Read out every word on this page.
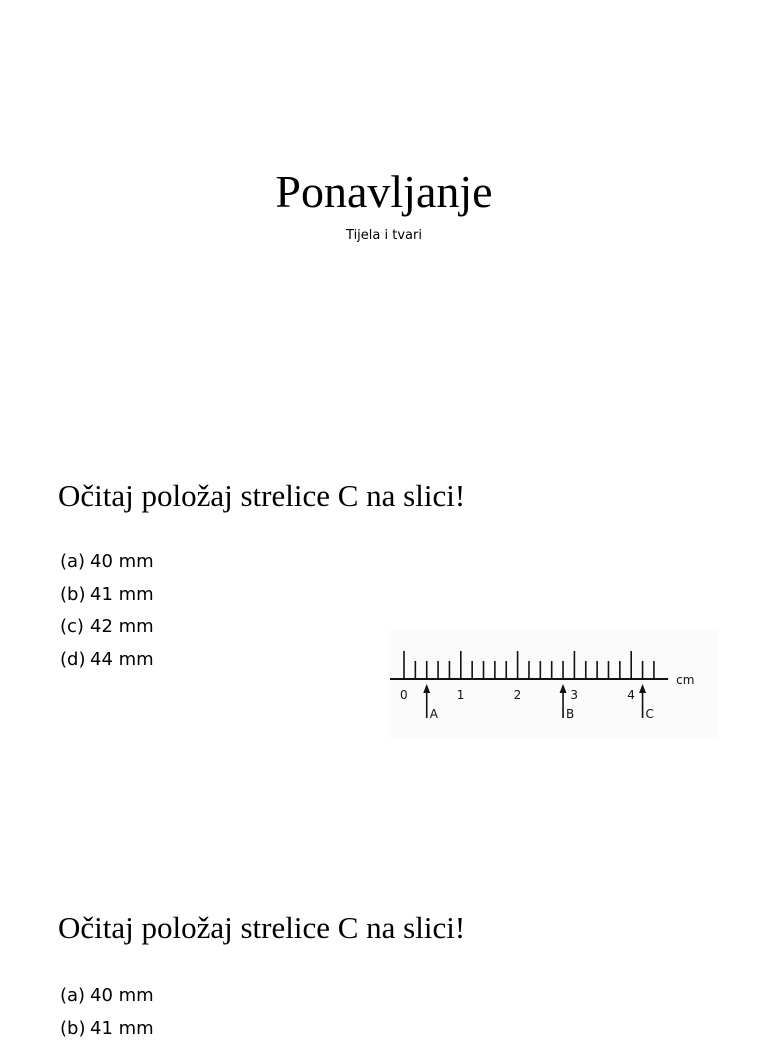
Ponavljanje
Tijela i tvari
Očitaj položaj strelice C na slici!
(a) 40 mm
(b) 41 mm
(c) 42 mm
(d) 44 mm
0	1	2	3	4
cm
A	B	C
Očitaj položaj strelice C na slici!
(a) 40 mm
(b) 41 mm
